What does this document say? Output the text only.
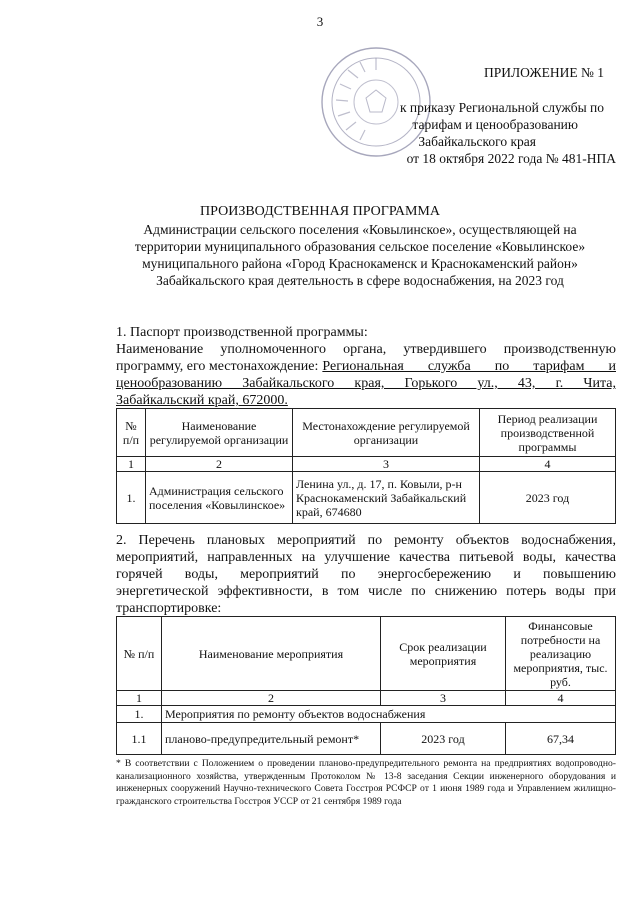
3
ПРИЛОЖЕНИЕ № 1
к приказу Региональной службы по
тарифам и ценообразованию
Забайкальского края
от 18 октября 2022 года № 481-НПА
ПРОИЗВОДСТВЕННАЯ ПРОГРАММА
Администрации сельского поселения «Ковылинское», осуществляющей на территории муниципального образования сельское поселение «Ковылинское» муниципального района «Город Краснокаменск и Краснокаменский район» Забайкальского края деятельность в сфере водоснабжения, на 2023 год
1. Паспорт производственной программы:
Наименование уполномоченного органа, утвердившего производственную
программу, его местонахождение: Региональная служба по тарифам и
ценообразованию Забайкальского края, Горького ул., 43, г. Чита,
Забайкальский край, 672000.
№ п/п	Наименование регулируемой организации	Местонахождение регулируемой организации	Период реализации производственной программы
1	2	3	4
1.	Администрация сельского поселения «Ковылинское»	Ленина ул., д. 17, п. Ковыли, р-н Краснокаменский Забайкальский край, 674680	2023 год
2. Перечень плановых мероприятий по ремонту объектов водоснабжения,
мероприятий, направленных на улучшение качества питьевой воды, качества
горячей воды, мероприятий по энергосбережению и повышению
энергетической эффективности, в том числе по снижению потерь воды при
транспортировке:
№ п/п	Наименование мероприятия	Срок реализации мероприятия	Финансовые потребности на реализацию мероприятия, тыс. руб.
1	2	3	4
1.	Мероприятия по ремонту объектов водоснабжения		
1.1	планово-предупредительный ремонт*	2023 год	67,34
* В соответствии с Положением о проведении планово-предупредительного ремонта на предприятиях водопроводно-канализационного хозяйства, утвержденным Протоколом № 13-8 заседания Секции инженерного оборудования и инженерных сооружений Научно-технического Совета Госстроя РСФСР от 1 июня 1989 года и Управлением жилищно-гражданского строительства Госстроя УССР от 21 сентября 1989 года
